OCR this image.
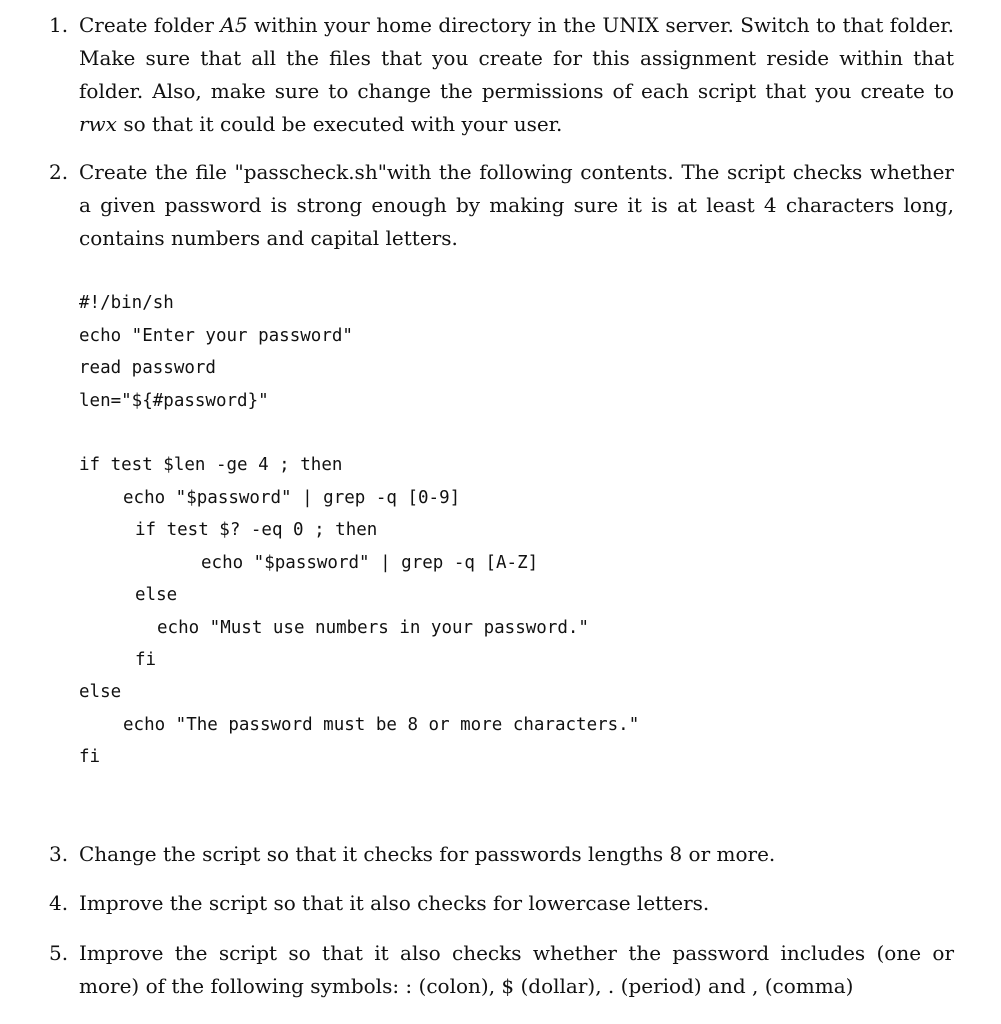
1. Create folder A5 within your home directory in the UNIX server. Switch to that folder. Make sure that all the files that you create for this assignment reside within that folder. Also, make sure to change the permissions of each script that you create to rwx so that it could be executed with your user.
2. Create the file "passcheck.sh"with the following contents. The script checks whether a given password is strong enough by making sure it is at least 4 characters long, contains numbers and capital letters.
#!/bin/sh
echo "Enter your password"
read password
len="${#password}"
if test $len -ge 4 ; then
echo "$password" | grep -q [0-9]
if test $? -eq 0 ; then
echo "$password" | grep -q [A-Z]
else
echo "Must use numbers in your password."
fi
else
echo "The password must be 8 or more characters."
fi
3. Change the script so that it checks for passwords lengths 8 or more.
4. Improve the script so that it also checks for lowercase letters.
5. Improve the script so that it also checks whether the password includes (one or more) of the following symbols: : (colon), $ (dollar), . (period) and , (comma)
